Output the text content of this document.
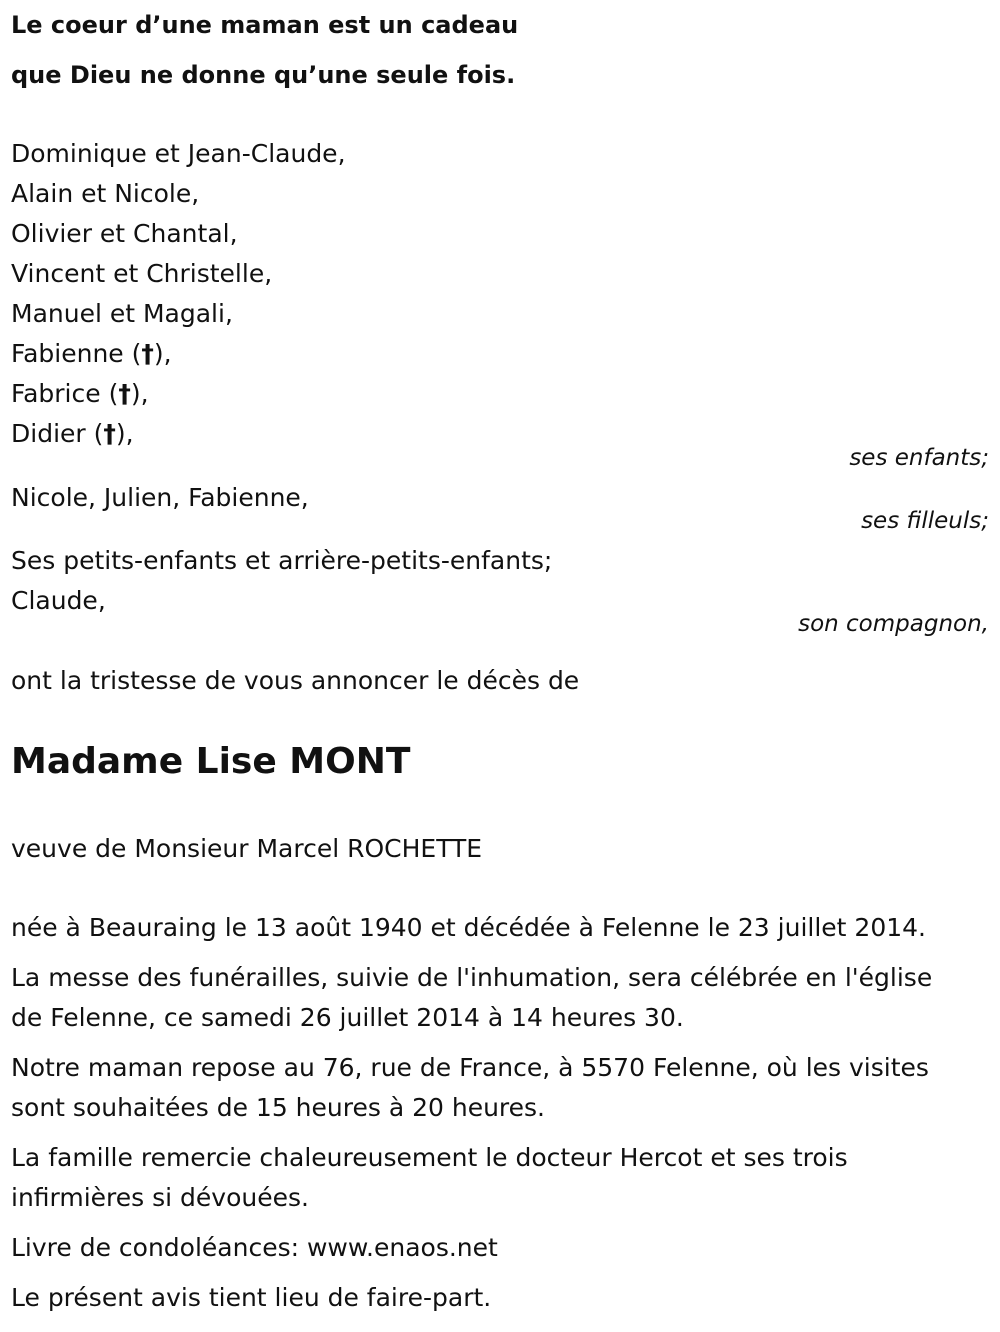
Le coeur d’une maman est un cadeau

que Dieu ne donne qu’une seule fois.

Dominique et Jean-Claude,

Alain et Nicole,

Olivier et Chantal,

Vincent et Christelle,

Manuel et Magali,

Fabienne (†),

Fabrice (†),

Didier (†),

ses enfants;

Nicole, Julien, Fabienne,

ses filleuls;

Ses petits-enfants et arrière-petits-enfants;

Claude,

son compagnon,

ont la tristesse de vous annoncer le décès de

Madame Lise MONT

veuve de Monsieur Marcel ROCHETTE

née à Beauraing le 13 août 1940 et décédée à Felenne le 23 juillet 2014.

La messe des funérailles, suivie de l'inhumation, sera célébrée en l'église

de Felenne, ce samedi 26 juillet 2014 à 14 heures 30.

Notre maman repose au 76, rue de France, à 5570 Felenne, où les visites

sont souhaitées de 15 heures à 20 heures.

La famille remercie chaleureusement le docteur Hercot et ses trois

infirmières si dévouées.

Livre de condoléances: www.enaos.net

Le présent avis tient lieu de faire-part.
